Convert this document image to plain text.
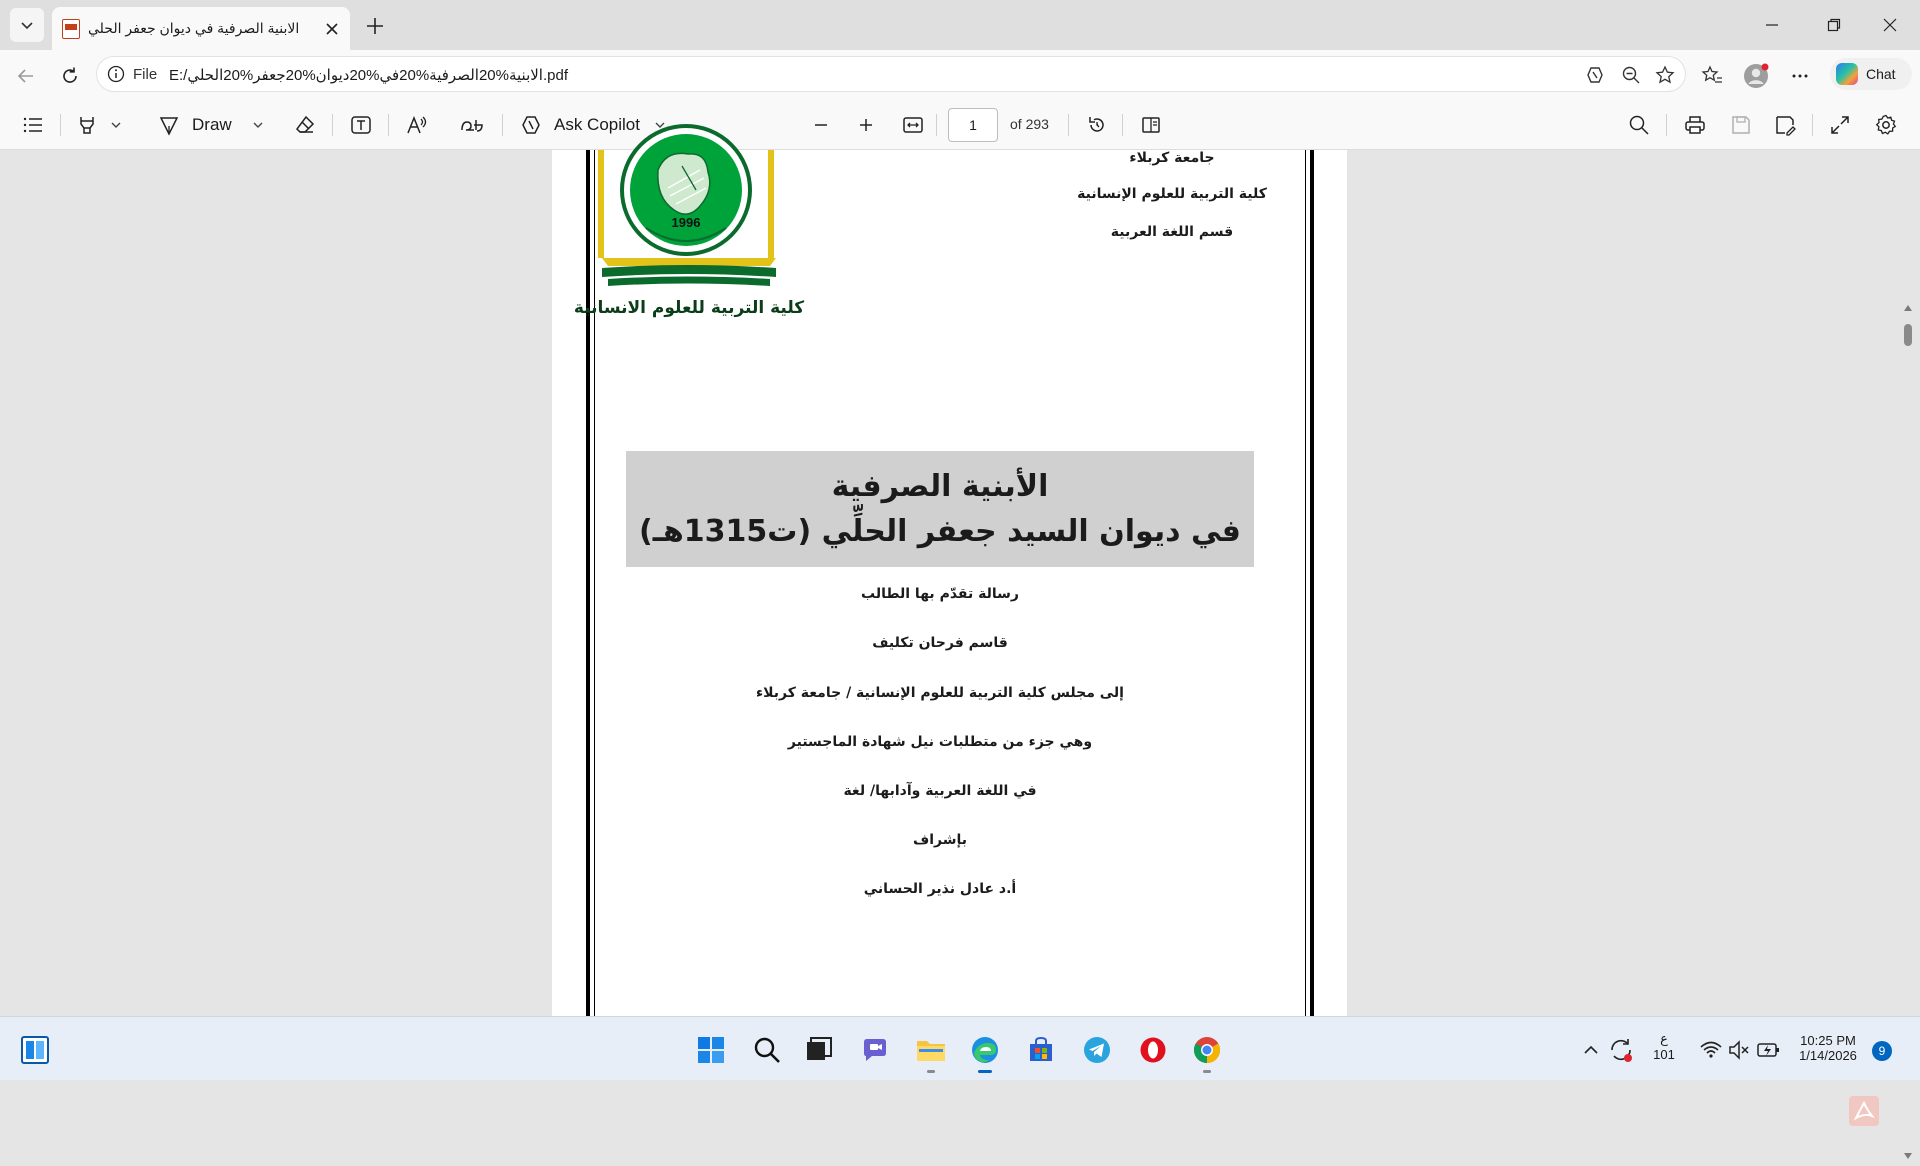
الابنية الصرفية في ديوان جعفر الحلي
File E:/الابنية%20الصرفية%20في%20ديوان%20جعفر%20الحلي.pdf	Chat
Draw	Ask Copilot	1	of 293
1996
كلية التربية للعلوم الانسانية
جامعة كربلاء
كلية التربية للعلوم الإنسانية
قسم اللغة العربية
الأبنية الصرفية
في ديوان السيد جعفر الحلِّي (ت1315هـ)
رسالة تقدّم بها الطالب
قاسم فرحان تكليف
إلى مجلس كلية التربية للعلوم الإنسانية / جامعة كربلاء
وهي جزء من متطلبات نيل شهادة الماجستير
في اللغة العربية وآدابها/ لغة
بإشراف
أ.د عادل نذير الحساني
ع
101
10:25 PM
1/14/2026	9
